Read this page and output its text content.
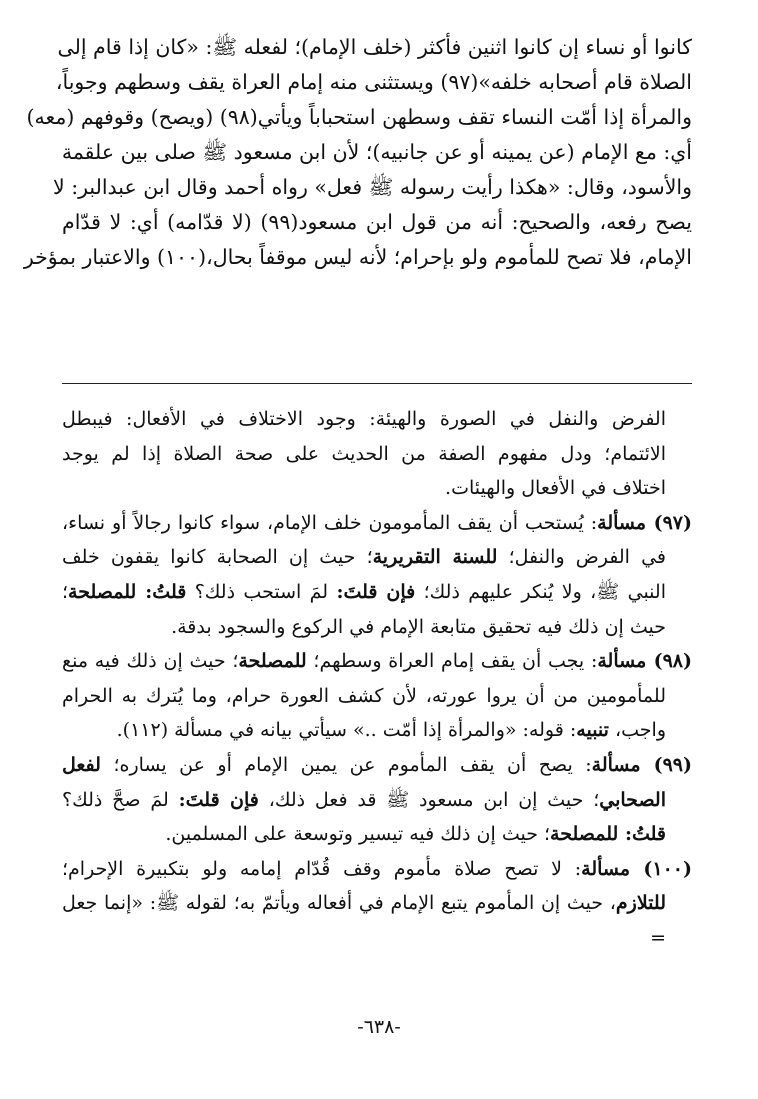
كانوا أو نساء إن كانوا اثنين فأكثر (خلف الإمام)؛ لفعله ﷺ: «كان إذا قام إلى
الصلاة قام أصحابه خلفه»(٩٧) ويستثنى منه إمام العراة يقف وسطهم وجوباً،
والمرأة إذا أمّت النساء تقف وسطهن استحباباً ويأتي(٩٨) (ويصح) وقوفهم (معه)
أي: مع الإمام (عن يمينه أو عن جانبيه)؛ لأن ابن مسعود ﷺ صلى بين علقمة
والأسود، وقال: «هكذا رأيت رسوله ﷺ فعل» رواه أحمد وقال ابن عبدالبر: لا
يصح رفعه، والصحيح: أنه من قول ابن مسعود(٩٩) (لا قدّامه) أي: لا قدّام
الإمام، فلا تصح للمأموم ولو بإحرام؛ لأنه ليس موقفاً بحال،(١٠٠) والاعتبار بمؤخر
الفرض والنفل في الصورة والهيئة: وجود الاختلاف في الأفعال: فيبطل
الائتمام؛ ودل مفهوم الصفة من الحديث على صحة الصلاة إذا لم يوجد
اختلاف في الأفعال والهيئات.
(٩٧) مسألة: يُستحب أن يقف المأمومون خلف الإمام، سواء كانوا رجالاً أو نساء،
في الفرض والنفل؛ للسنة التقريرية؛ حيث إن الصحابة كانوا يقفون خلف
النبي ﷺ، ولا يُنكر عليهم ذلك؛ فإن قلتَ: لمَ استحب ذلك؟ قلتُ: للمصلحة؛
حيث إن ذلك فيه تحقيق متابعة الإمام في الركوع والسجود بدقة.
(٩٨) مسألة: يجب أن يقف إمام العراة وسطهم؛ للمصلحة؛ حيث إن ذلك فيه منع
للمأمومين من أن يروا عورته، لأن كشف العورة حرام، وما يُترك به الحرام
واجب، تنبيه: قوله: «والمرأة إذا أمّت ..» سيأتي بيانه في مسألة (١١٢).
(٩٩) مسألة: يصح أن يقف المأموم عن يمين الإمام أو عن يساره؛ لفعل
الصحابي؛ حيث إن ابن مسعود ﷺ قد فعل ذلك، فإن قلتَ: لمَ صحَّ ذلك؟
قلتُ: للمصلحة؛ حيث إن ذلك فيه تيسير وتوسعة على المسلمين.
(١٠٠) مسألة: لا تصح صلاة مأموم وقف قُدّام إمامه ولو بتكبيرة الإحرام؛
للتلازم، حيث إن المأموم يتبع الإمام في أفعاله ويأتمّ به؛ لقوله ﷺ: «إنما جعل
=
-٦٣٨-
